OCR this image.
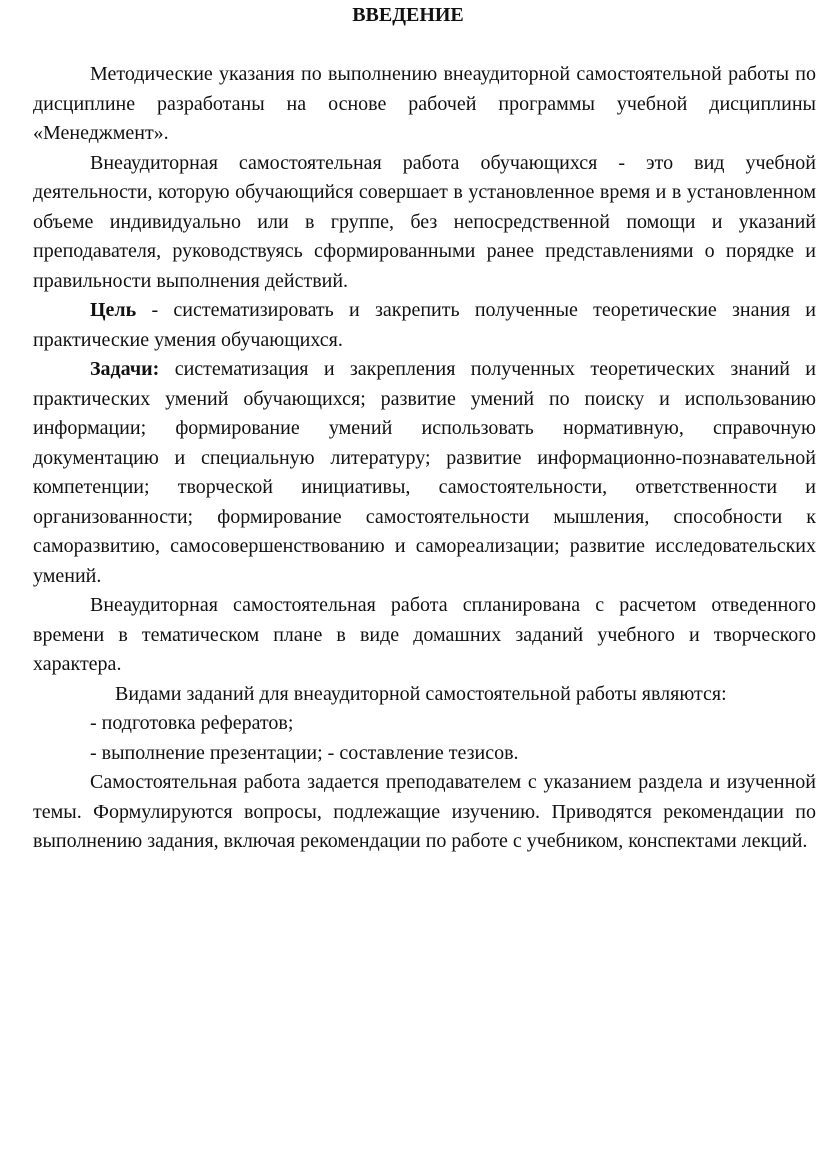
ВВЕДЕНИЕ

Методические указания по выполнению внеаудиторной самостоятельной работы по дисциплине разработаны на основе рабочей программы учебной дисциплины «Менеджмент».

Внеаудиторная самостоятельная работа обучающихся - это вид учебной деятельности, которую обучающийся совершает в установленное время и в установленном объеме индивидуально или в группе, без непосредственной помощи и указаний преподавателя, руководствуясь сформированными ранее представлениями о порядке и правильности выполнения действий.

Цель - систематизировать и закрепить полученные теоретические знания и практические умения обучающихся.

Задачи: систематизация и закрепления полученных теоретических знаний и практических умений обучающихся; развитие умений по поиску и использованию информации; формирование умений использовать нормативную, справочную документацию и специальную литературу; развитие информационно-познавательной компетенции; творческой инициативы, самостоятельности, ответственности и организованности; формирование самостоятельности мышления, способности к саморазвитию, самосовершенствованию и самореализации; развитие исследовательских умений.

Внеаудиторная самостоятельная работа спланирована с расчетом отведенного времени в тематическом плане в виде домашних заданий учебного и творческого характера.

Видами заданий для внеаудиторной самостоятельной работы являются:

- подготовка рефератов;

- выполнение презентации; - составление тезисов.

Самостоятельная работа задается преподавателем с указанием раздела и изученной темы. Формулируются вопросы, подлежащие изучению. Приводятся рекомендации по выполнению задания, включая рекомендации по работе с учебником, конспектами лекций.
